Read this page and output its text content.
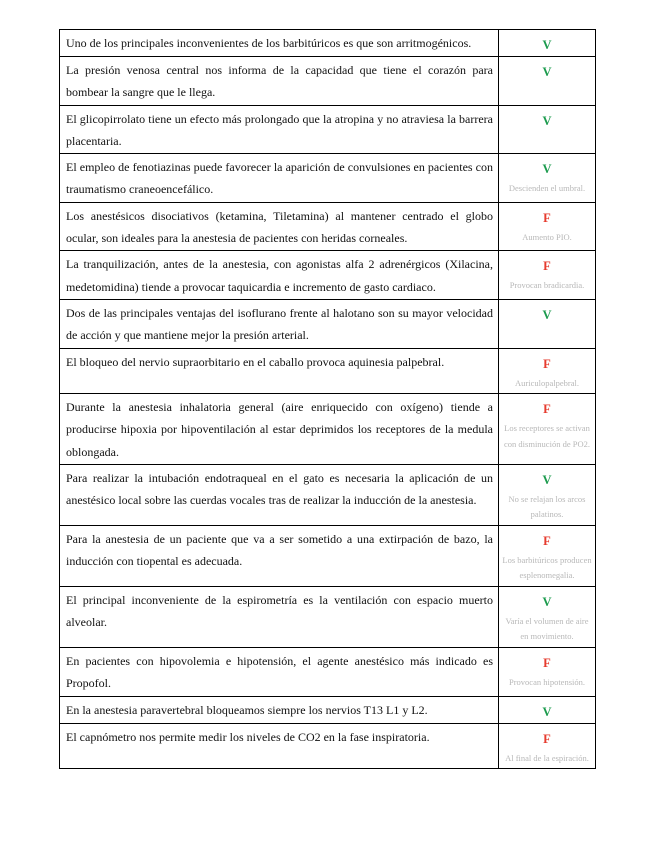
Uno de los principales inconvenientes de los barbitúricos es que son arritmogénicos.	V

La presión venosa central nos informa de la capacidad que tiene el corazón para bombear la sangre que le llega.	V

El glicopirrolato tiene un efecto más prolongado que la atropina y no atraviesa la barrera placentaria.	V

El empleo de fenotiazinas puede favorecer la aparición de convulsiones en pacientes con traumatismo craneoencefálico.	V
Descienden el umbral.

Los anestésicos disociativos (ketamina, Tiletamina) al mantener centrado el globo ocular, son ideales para la anestesia de pacientes con heridas corneales.	F
Aumento PIO.

La tranquilización, antes de la anestesia, con agonistas alfa 2 adrenérgicos (Xilacina, medetomidina) tiende a provocar taquicardia e incremento de gasto cardiaco.	F
Provocan bradicardia.

Dos de las principales ventajas del isoflurano frente al halotano son su mayor velocidad de acción y que mantiene mejor la presión arterial.	V

El bloqueo del nervio supraorbitario en el caballo provoca aquinesia palpebral.	F
Auriculopalpebral.

Durante la anestesia inhalatoria general (aire enriquecido con oxígeno) tiende a producirse hipoxia por hipoventilación al estar deprimidos los receptores de la medula oblongada.	F
Los receptores se activan con disminución de PO2.

Para realizar la intubación endotraqueal en el gato es necesaria la aplicación de un anestésico local sobre las cuerdas vocales tras de realizar la inducción de la anestesia.	V
No se relajan los arcos palatinos.

Para la anestesia de un paciente que va a ser sometido a una extirpación de bazo, la inducción con tiopental es adecuada.	F
Los barbitúricos producen esplenomegalia.

El principal inconveniente de la espirometría es la ventilación con espacio muerto alveolar.	V
Varía el volumen de aire en movimiento.

En pacientes con hipovolemia e hipotensión, el agente anestésico más indicado es Propofol.	F
Provocan hipotensión.

En la anestesia paravertebral bloqueamos siempre los nervios T13 L1 y L2.	V

El capnómetro nos permite medir los niveles de CO2 en la fase inspiratoria.	F
Al final de la espiración.
